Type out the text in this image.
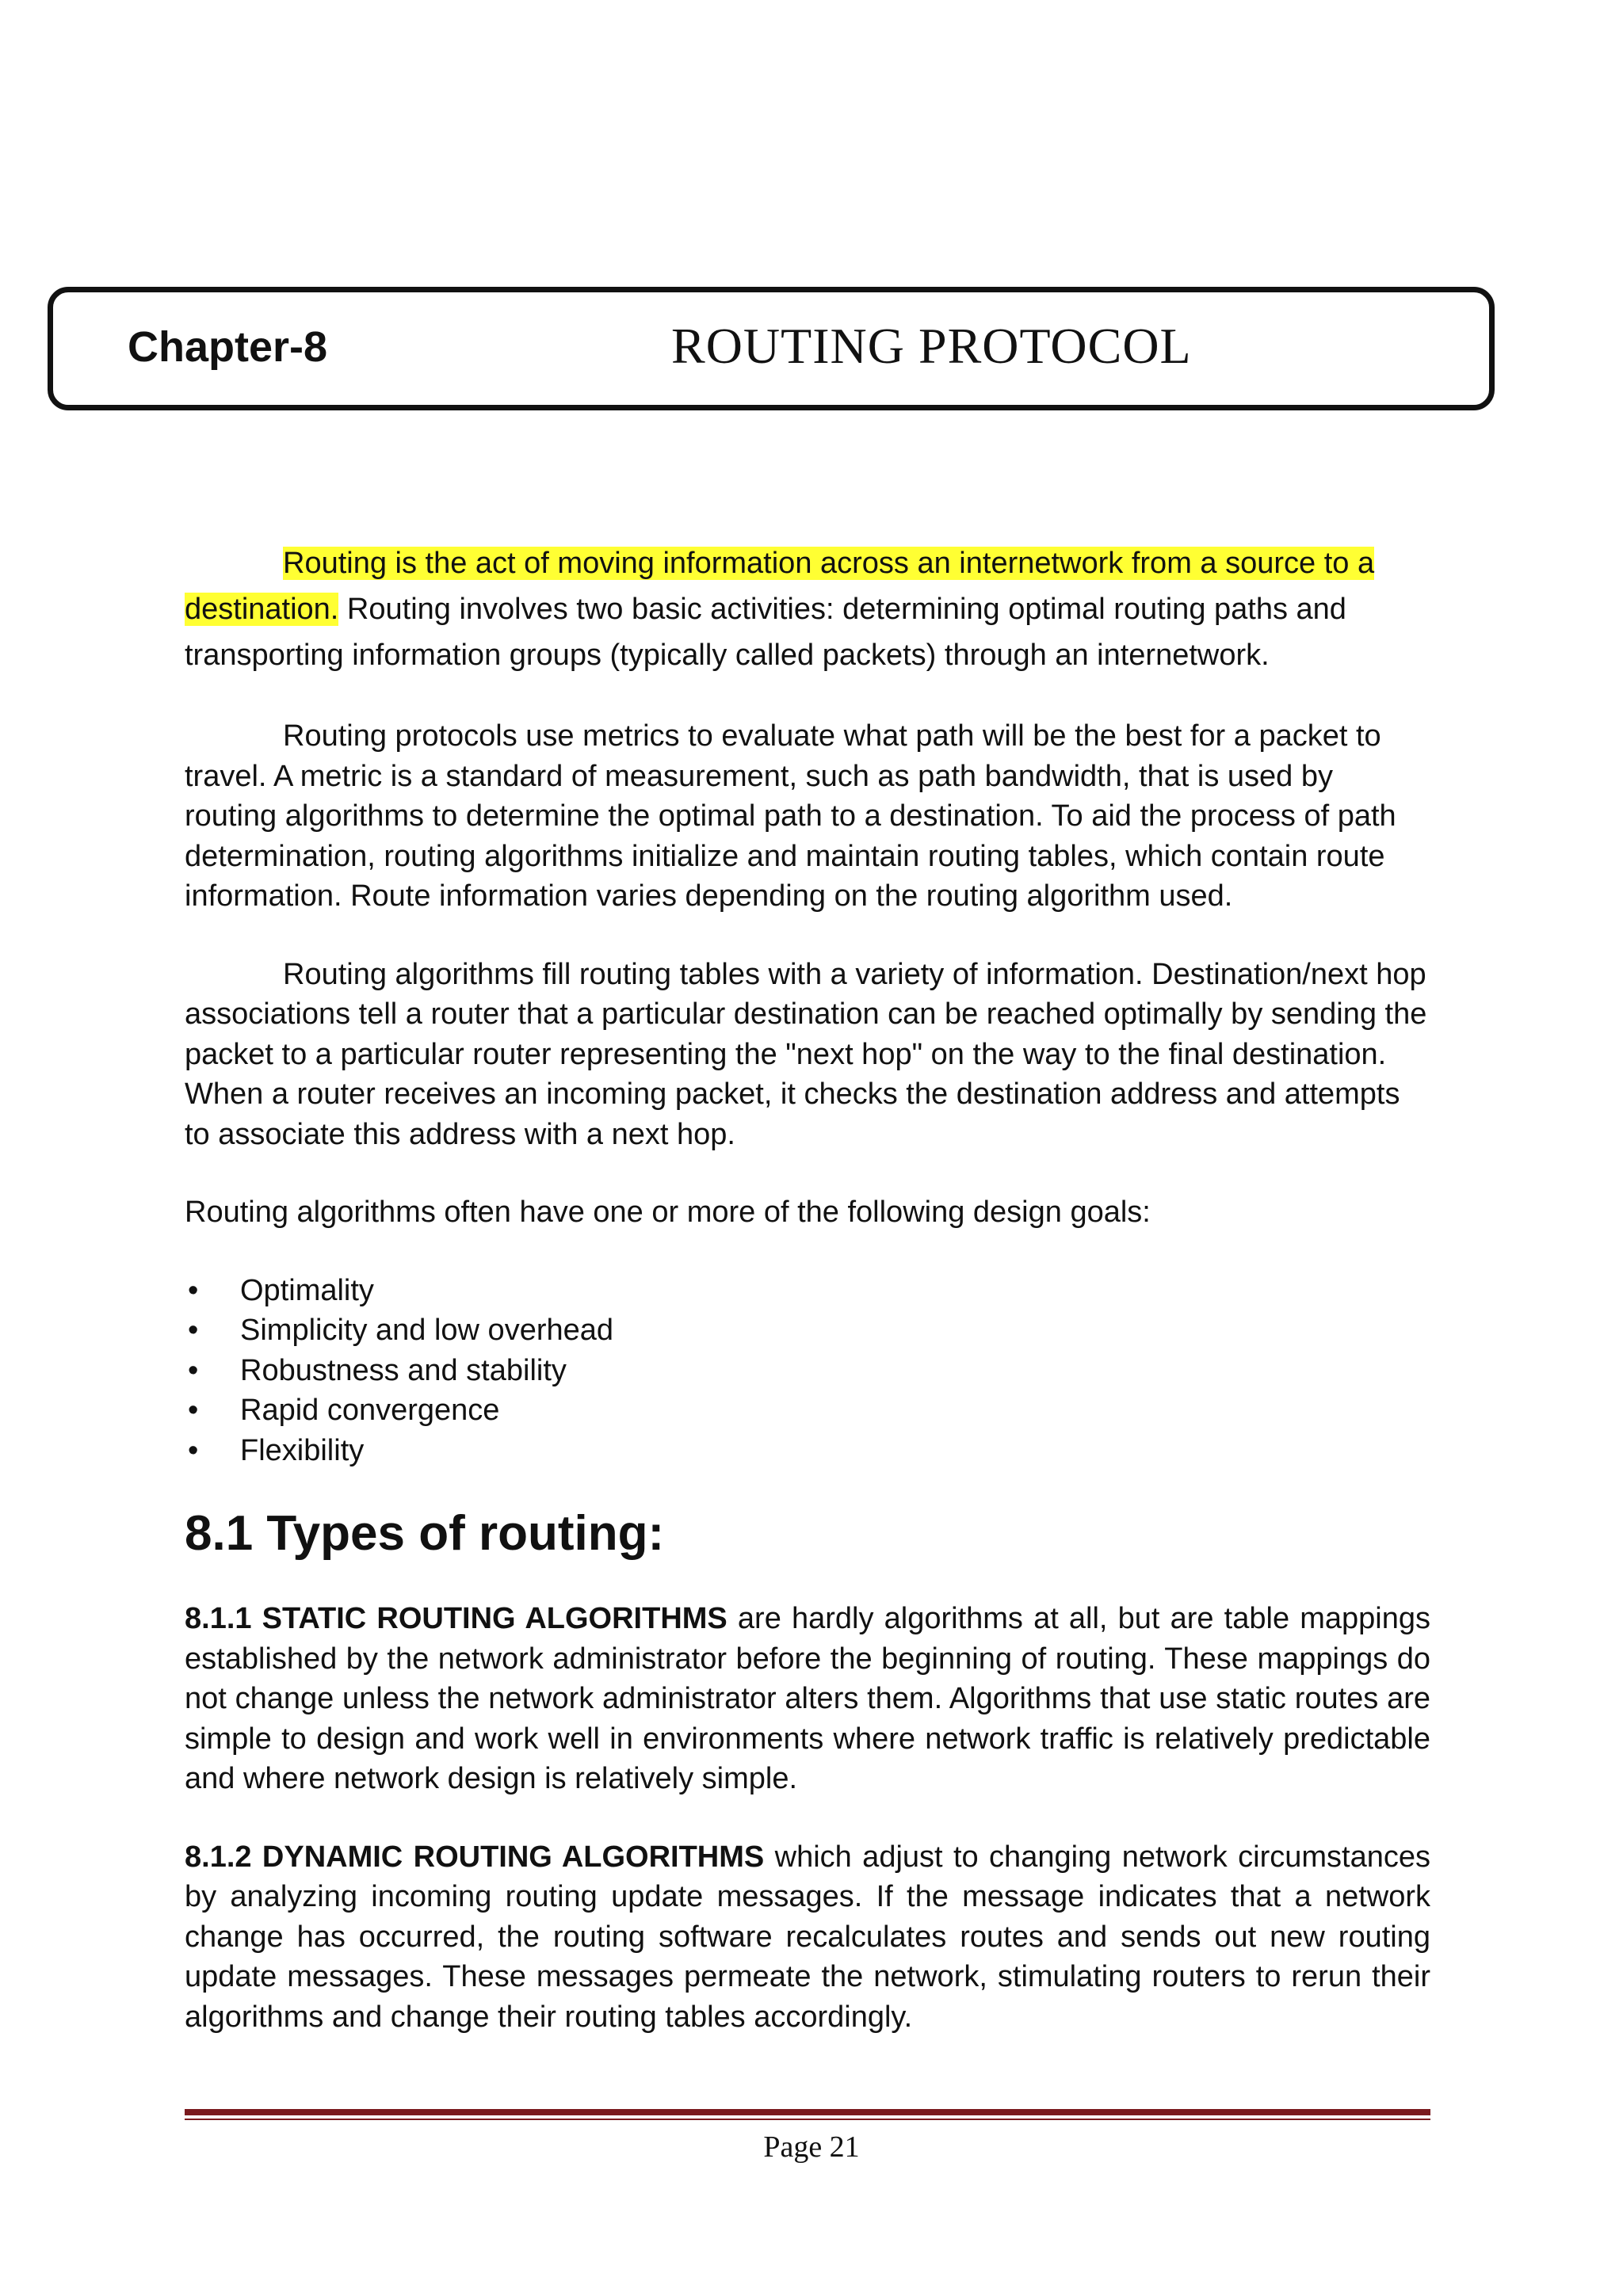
Chapter-8	ROUTING PROTOCOL

Routing is the act of moving information across an internetwork from a source to a destination. Routing involves two basic activities: determining optimal routing paths and transporting information groups (typically called packets) through an internetwork.

Routing protocols use metrics to evaluate what path will be the best for a packet to travel. A metric is a standard of measurement, such as path bandwidth, that is used by routing algorithms to determine the optimal path to a destination. To aid the process of path determination, routing algorithms initialize and maintain routing tables, which contain route information. Route information varies depending on the routing algorithm used.

Routing algorithms fill routing tables with a variety of information. Destination/next hop associations tell a router that a particular destination can be reached optimally by sending the packet to a particular router representing the "next hop" on the way to the final destination. When a router receives an incoming packet, it checks the destination address and attempts to associate this address with a next hop.

Routing algorithms often have one or more of the following design goals:

• Optimality
• Simplicity and low overhead
• Robustness and stability
• Rapid convergence
• Flexibility
8.1 Types of routing:

8.1.1 STATIC ROUTING ALGORITHMS are hardly algorithms at all, but are table mappings established by the network administrator before the beginning of routing. These mappings do not change unless the network administrator alters them. Algorithms that use static routes are simple to design and work well in environments where network traffic is relatively predictable and where network design is relatively simple.

8.1.2 DYNAMIC ROUTING ALGORITHMS which adjust to changing network circumstances by analyzing incoming routing update messages. If the message indicates that a network change has occurred, the routing software recalculates routes and sends out new routing update messages. These messages permeate the network, stimulating routers to rerun their algorithms and change their routing tables accordingly.

Page 21
